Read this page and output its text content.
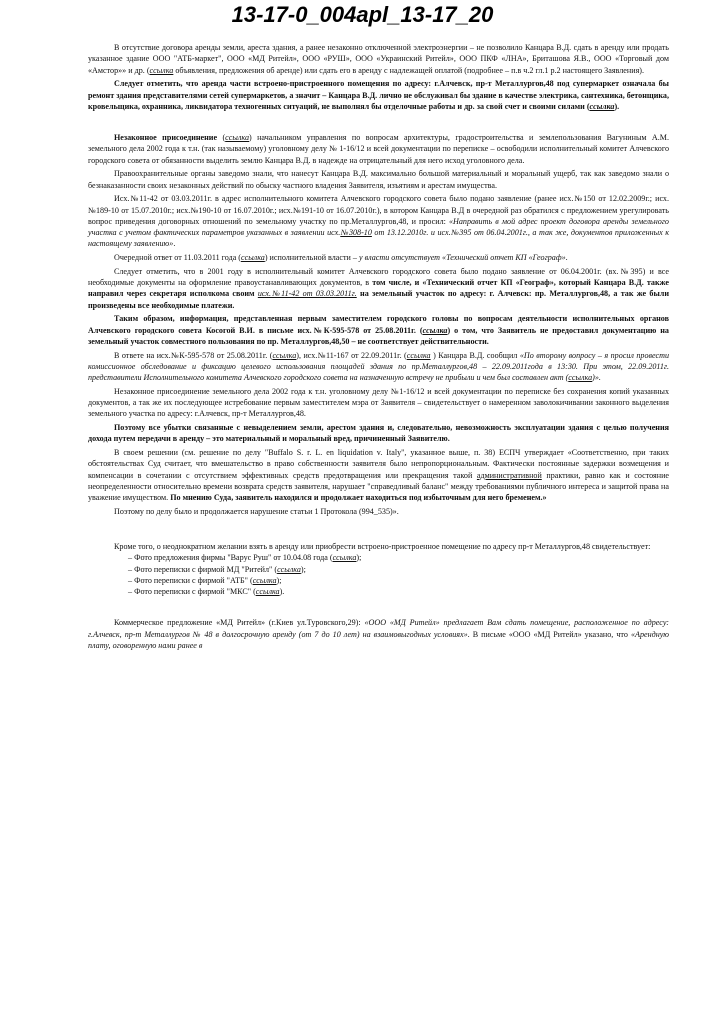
13-17-0_004apl_13-17_20

В отсутствие договора аренды земли, ареста здания, а ранее незаконно отключенной электроэнергии – не позволило Канцара В.Д. сдать в аренду или продать указанное здание ООО "АТБ-маркет", ООО «МД Ритейл», ООО «РУШ», ООО «Украинский Ритейл», ООО ПКФ «ЛНА», Бриташова Я.В., ООО «Торговый дом «Амстор»» и др. (ссылка объявления, предложения об аренде) или сдать его в аренду с надлежащей оплатой (подробнее – п.в ч.2 гл.1 р.2 настоящего Заявления).

Следует отметить, что аренда части встроено-пристроенного помещения по адресу: г.Алчевск, пр-т Металлургов,48 под супермаркет означала бы ремонт здания представителями сетей супермаркетов, а значит – Канцара В.Д. лично не обслуживал бы здание в качестве электрика, сантехника, бетонщика, кровельщика, охранника, ликвидатора техногенных ситуаций, не выполнял бы отделочные работы и др. за свой счет и своими силами (ссылка).

Незаконное присоединение (ссылка) начальником управления по вопросам архитектуры, градостроительства и землепользования Вагуниным А.М. земельного дела 2002 года к т.н. (так называемому) уголовному делу № 1-16/12 и всей документации по переписке – освободили исполнительный комитет Алчевского городского совета от обязанности выделить землю Канцара В.Д. в надежде на отрицательный для него исход уголовного дела.

Правоохранительные органы заведомо знали, что нанесут Канцара В.Д. максимально большой материальный и моральный ущерб, так как заведомо знали о безнаказанности своих незаконных действий по обыску частного владения Заявителя, изъятиям и арестам имущества.

Исх.№11-42 от 03.03.2011г. в адрес исполнительного комитета Алчевского городского совета было подано заявление (ранее исх.№150 от 12.02.2009г.; исх.№189-10 от 15.07.2010г.; исх.№190-10 от 16.07.2010г.; исх.№191-10 от 16.07.2010г.), в котором Канцара В.Д в очередной раз обратился с предложением урегулировать вопрос приведения договорных отношений по земельному участку по пр.Металлургов,48, и просил: «Направить в мой адрес проект договора аренды земельного участка с учетом фактических параметров указанных в заявлении исх.№308-10 от 13.12.2010г. и исх.№395 от 06.04.2001г., а так же, документов приложенных к настоящему заявлению».

Очередной ответ от 11.03.2011 года (ссылка) исполнительной власти – у власти отсутствует «Технический отчет КП «Географ».

Следует отметить, что в 2001 году в исполнительный комитет Алчевского городского совета было подано заявление от 06.04.2001г. (вх.№395) и все необходимые документы на оформление правоустанавливающих документов, в том числе, и «Технический отчет КП «Географ», который Канцара В.Д. также направил через секретаря исполкома своим исх.№11-42 от 03.03.2011г. на земельный участок по адресу: г. Алчевск: пр. Металлургов,48, а так же были произведены все необходимые платежи.

Таким образом, информация, представленная первым заместителем городского головы по вопросам деятельности исполнительных органов Алчевского городского совета Косогой В.И. в письме исх.№К-595-578 от 25.08.2011г. (ссылка) о том, что Заявитель не предоставил документацию на земельный участок совместного пользования по пр. Металлургов,48,50 – не соответствует действительности.

В ответе на исх.№К-595-578 от 25.08.2011г. (ссылка), исх.№11-167 от 22.09.2011г. (ссылка ) Канцара В.Д. сообщил «По второму вопросу – я просил провести комиссионное обследование и фиксацию целевого использования площадей здания по пр.Металлургов,48 – 22.09.2011года в 13:30. При этом, 22.09.2011г. представители Исполнительного комитета Алчевского городского совета на назначенную встречу не прибыли и чем был составлен акт (ссылка)».

Незаконное присоединение земельного дела 2002 года к т.н. уголовному делу №1-16/12 и всей документации по переписке без сохранения копий указанных документов, а так же их последующее истребование первым заместителем мэра от Заявителя – свидетельствует о намеренном заволокичивании законного выделения земельного участка по адресу: г.Алчевск, пр-т Металлургов,48.

Поэтому все убытки связанные с невыделением земли, арестом здания и, следовательно, невозможность эксплуатации здания с целью получения дохода путем передачи в аренду – это материальный и моральный вред, причиненный Заявителю.

В своем решении (см. решение по делу "Buffalo S. r. L. en liquidation v. Italy", указанное выше, п. 38) ЕСПЧ утверждает «Соответственно, при таких обстоятельствах Суд считает, что вмешательство в право собственности заявителя было непропорциональным. Фактически постоянные задержки возмещения и компенсации в сочетании с отсутствием эффективных средств предотвращения или прекращения такой административной практики, равно как и состояние неопределенности относительно времени возврата средств заявителя, нарушает "справедливый баланс" между требованиями публичного интереса и защитой права на уважение имуществом. По мнению Суда, заявитель находился и продолжает находиться под избыточным для него бременем.»

Поэтому по делу было и продолжается нарушение статьи 1 Протокола (994_535)».

Кроме того, о неоднократном желании взять в аренду или приобрести встроено-пристроенное помещение по адресу пр-т Металлургов,48 свидетельствует:

– Фото предложения фирмы "Варус Руш" от 10.04.08 года (ссылка);
– Фото переписки с фирмой МД "Ритейл" (ссылка);
– Фото переписки с фирмой "АТБ" (ссылка);
– Фото переписки с фирмой "МКС" (ссылка).

Коммерческое предложение «МД Ритейл» (г.Киев ул.Туровского,29): «ООО «МД Ритейл» предлагает Вам сдать помещение, расположенное по адресу: г.Алчевск, пр-т Металлургов № 48 в долгосрочную аренду (от 7 до 10 лет) на взаимовыгодных условиях». В письме «ООО «МД Ритейл» указано, что «Арендную плату, оговоренную нами ранее в
